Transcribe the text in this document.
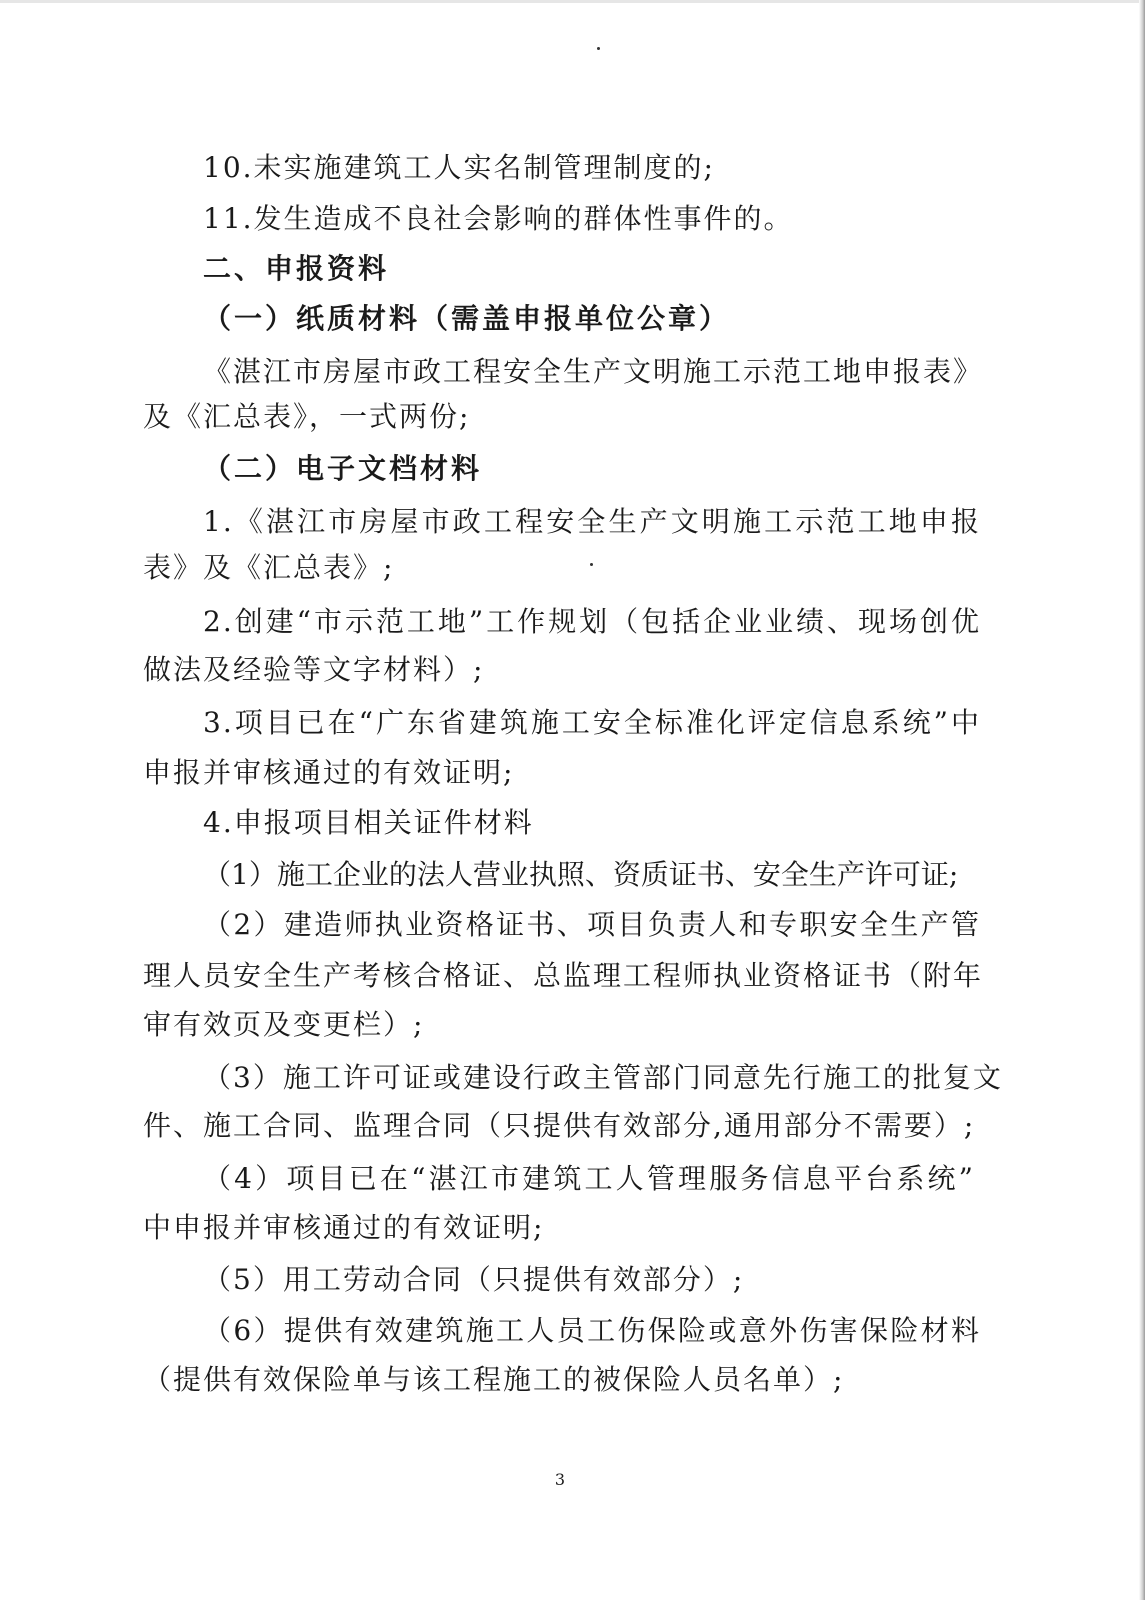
10.未实施建筑工人实名制管理制度的;
11.发生造成不良社会影响的群体性事件的。
二、申报资料
（一）纸质材料（需盖申报单位公章）
《湛江市房屋市政工程安全生产文明施工示范工地申报表》
及《汇总表》，一式两份;
（二）电子文档材料
1.《湛江市房屋市政工程安全生产文明施工示范工地申报
表》及《汇总表》;
2.创建“市示范工地”工作规划（包括企业业绩、现场创优
做法及经验等文字材料）;
3.项目已在“广东省建筑施工安全标准化评定信息系统”中
申报并审核通过的有效证明;
4.申报项目相关证件材料
（1）施工企业的法人营业执照、资质证书、安全生产许可证;
（2）建造师执业资格证书、项目负责人和专职安全生产管
理人员安全生产考核合格证、总监理工程师执业资格证书（附年
审有效页及变更栏）;
（3）施工许可证或建设行政主管部门同意先行施工的批复文
件、施工合同、监理合同（只提供有效部分,通用部分不需要）;
（4）项目已在“湛江市建筑工人管理服务信息平台系统”
中申报并审核通过的有效证明;
（5）用工劳动合同（只提供有效部分）;
（6）提供有效建筑施工人员工伤保险或意外伤害保险材料
（提供有效保险单与该工程施工的被保险人员名单）;
3
